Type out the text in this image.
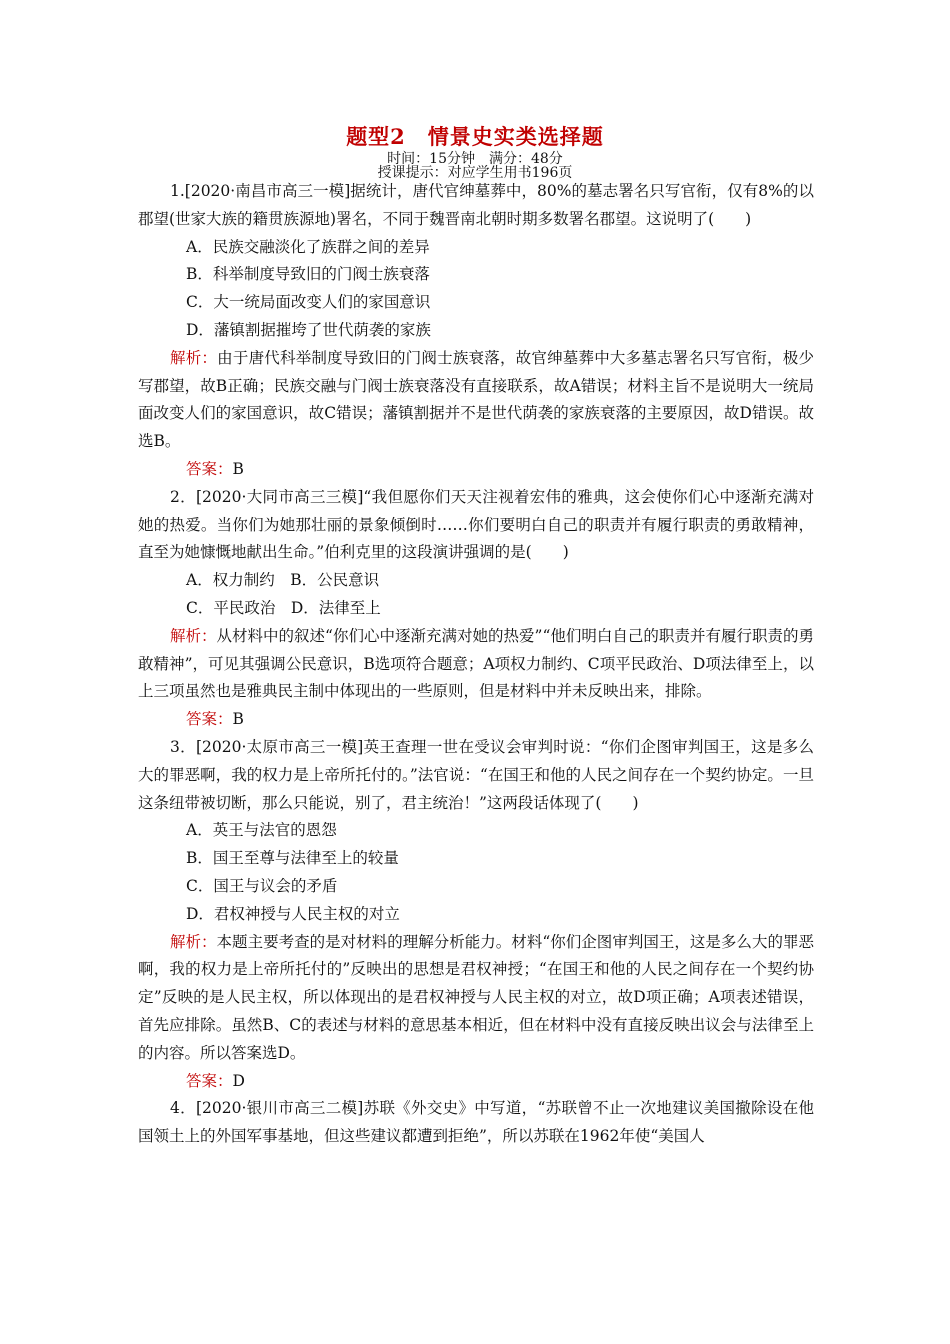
题型2　情景史实类选择题
时间：15分钟　满分：48分
授课提示：对应学生用书196页

1.[2020·南昌市高三一模]据统计，唐代官绅墓葬中，80%的墓志署名只写官衔，仅有8%的以郡望(世家大族的籍贯族源地)署名，不同于魏晋南北朝时期多数署名郡望。这说明了(　　)

A．民族交融淡化了族群之间的差异

B．科举制度导致旧的门阀士族衰落

C．大一统局面改变人们的家国意识

D．藩镇割据摧垮了世代荫袭的家族

解析：由于唐代科举制度导致旧的门阀士族衰落，故官绅墓葬中大多墓志署名只写官衔，极少写郡望，故B正确；民族交融与门阀士族衰落没有直接联系，故A错误；材料主旨不是说明大一统局面改变人们的家国意识，故C错误；藩镇割据并不是世代荫袭的家族衰落的主要原因，故D错误。故选B。

答案：B

2．[2020·大同市高三三模]“我但愿你们天天注视着宏伟的雅典，这会使你们心中逐渐充满对她的热爱。当你们为她那壮丽的景象倾倒时……你们要明白自己的职责并有履行职责的勇敢精神，直至为她慷慨地献出生命。”伯利克里的这段演讲强调的是(　　)

A．权力制约　B．公民意识

C．平民政治　D．法律至上

解析：从材料中的叙述“你们心中逐渐充满对她的热爱”“他们明白自己的职责并有履行职责的勇敢精神”，可见其强调公民意识，B选项符合题意；A项权力制约、C项平民政治、D项法律至上，以上三项虽然也是雅典民主制中体现出的一些原则，但是材料中并未反映出来，排除。

答案：B

3．[2020·太原市高三一模]英王查理一世在受议会审判时说：“你们企图审判国王，这是多么大的罪恶啊，我的权力是上帝所托付的。”法官说：“在国王和他的人民之间存在一个契约协定。一旦这条纽带被切断，那么只能说，别了，君主统治！”这两段话体现了(　　)

A．英王与法官的恩怨

B．国王至尊与法律至上的较量

C．国王与议会的矛盾

D．君权神授与人民主权的对立

解析：本题主要考查的是对材料的理解分析能力。材料“你们企图审判国王，这是多么大的罪恶啊，我的权力是上帝所托付的”反映出的思想是君权神授；“在国王和他的人民之间存在一个契约协定”反映的是人民主权，所以体现出的是君权神授与人民主权的对立，故D项正确；A项表述错误，首先应排除。虽然B、C的表述与材料的意思基本相近，但在材料中没有直接反映出议会与法律至上的内容。所以答案选D。

答案：D

4．[2020·银川市高三二模]苏联《外交史》中写道，“苏联曾不止一次地建议美国撤除设在他国领土上的外国军事基地，但这些建议都遭到拒绝”，所以苏联在1962年使“美国人
